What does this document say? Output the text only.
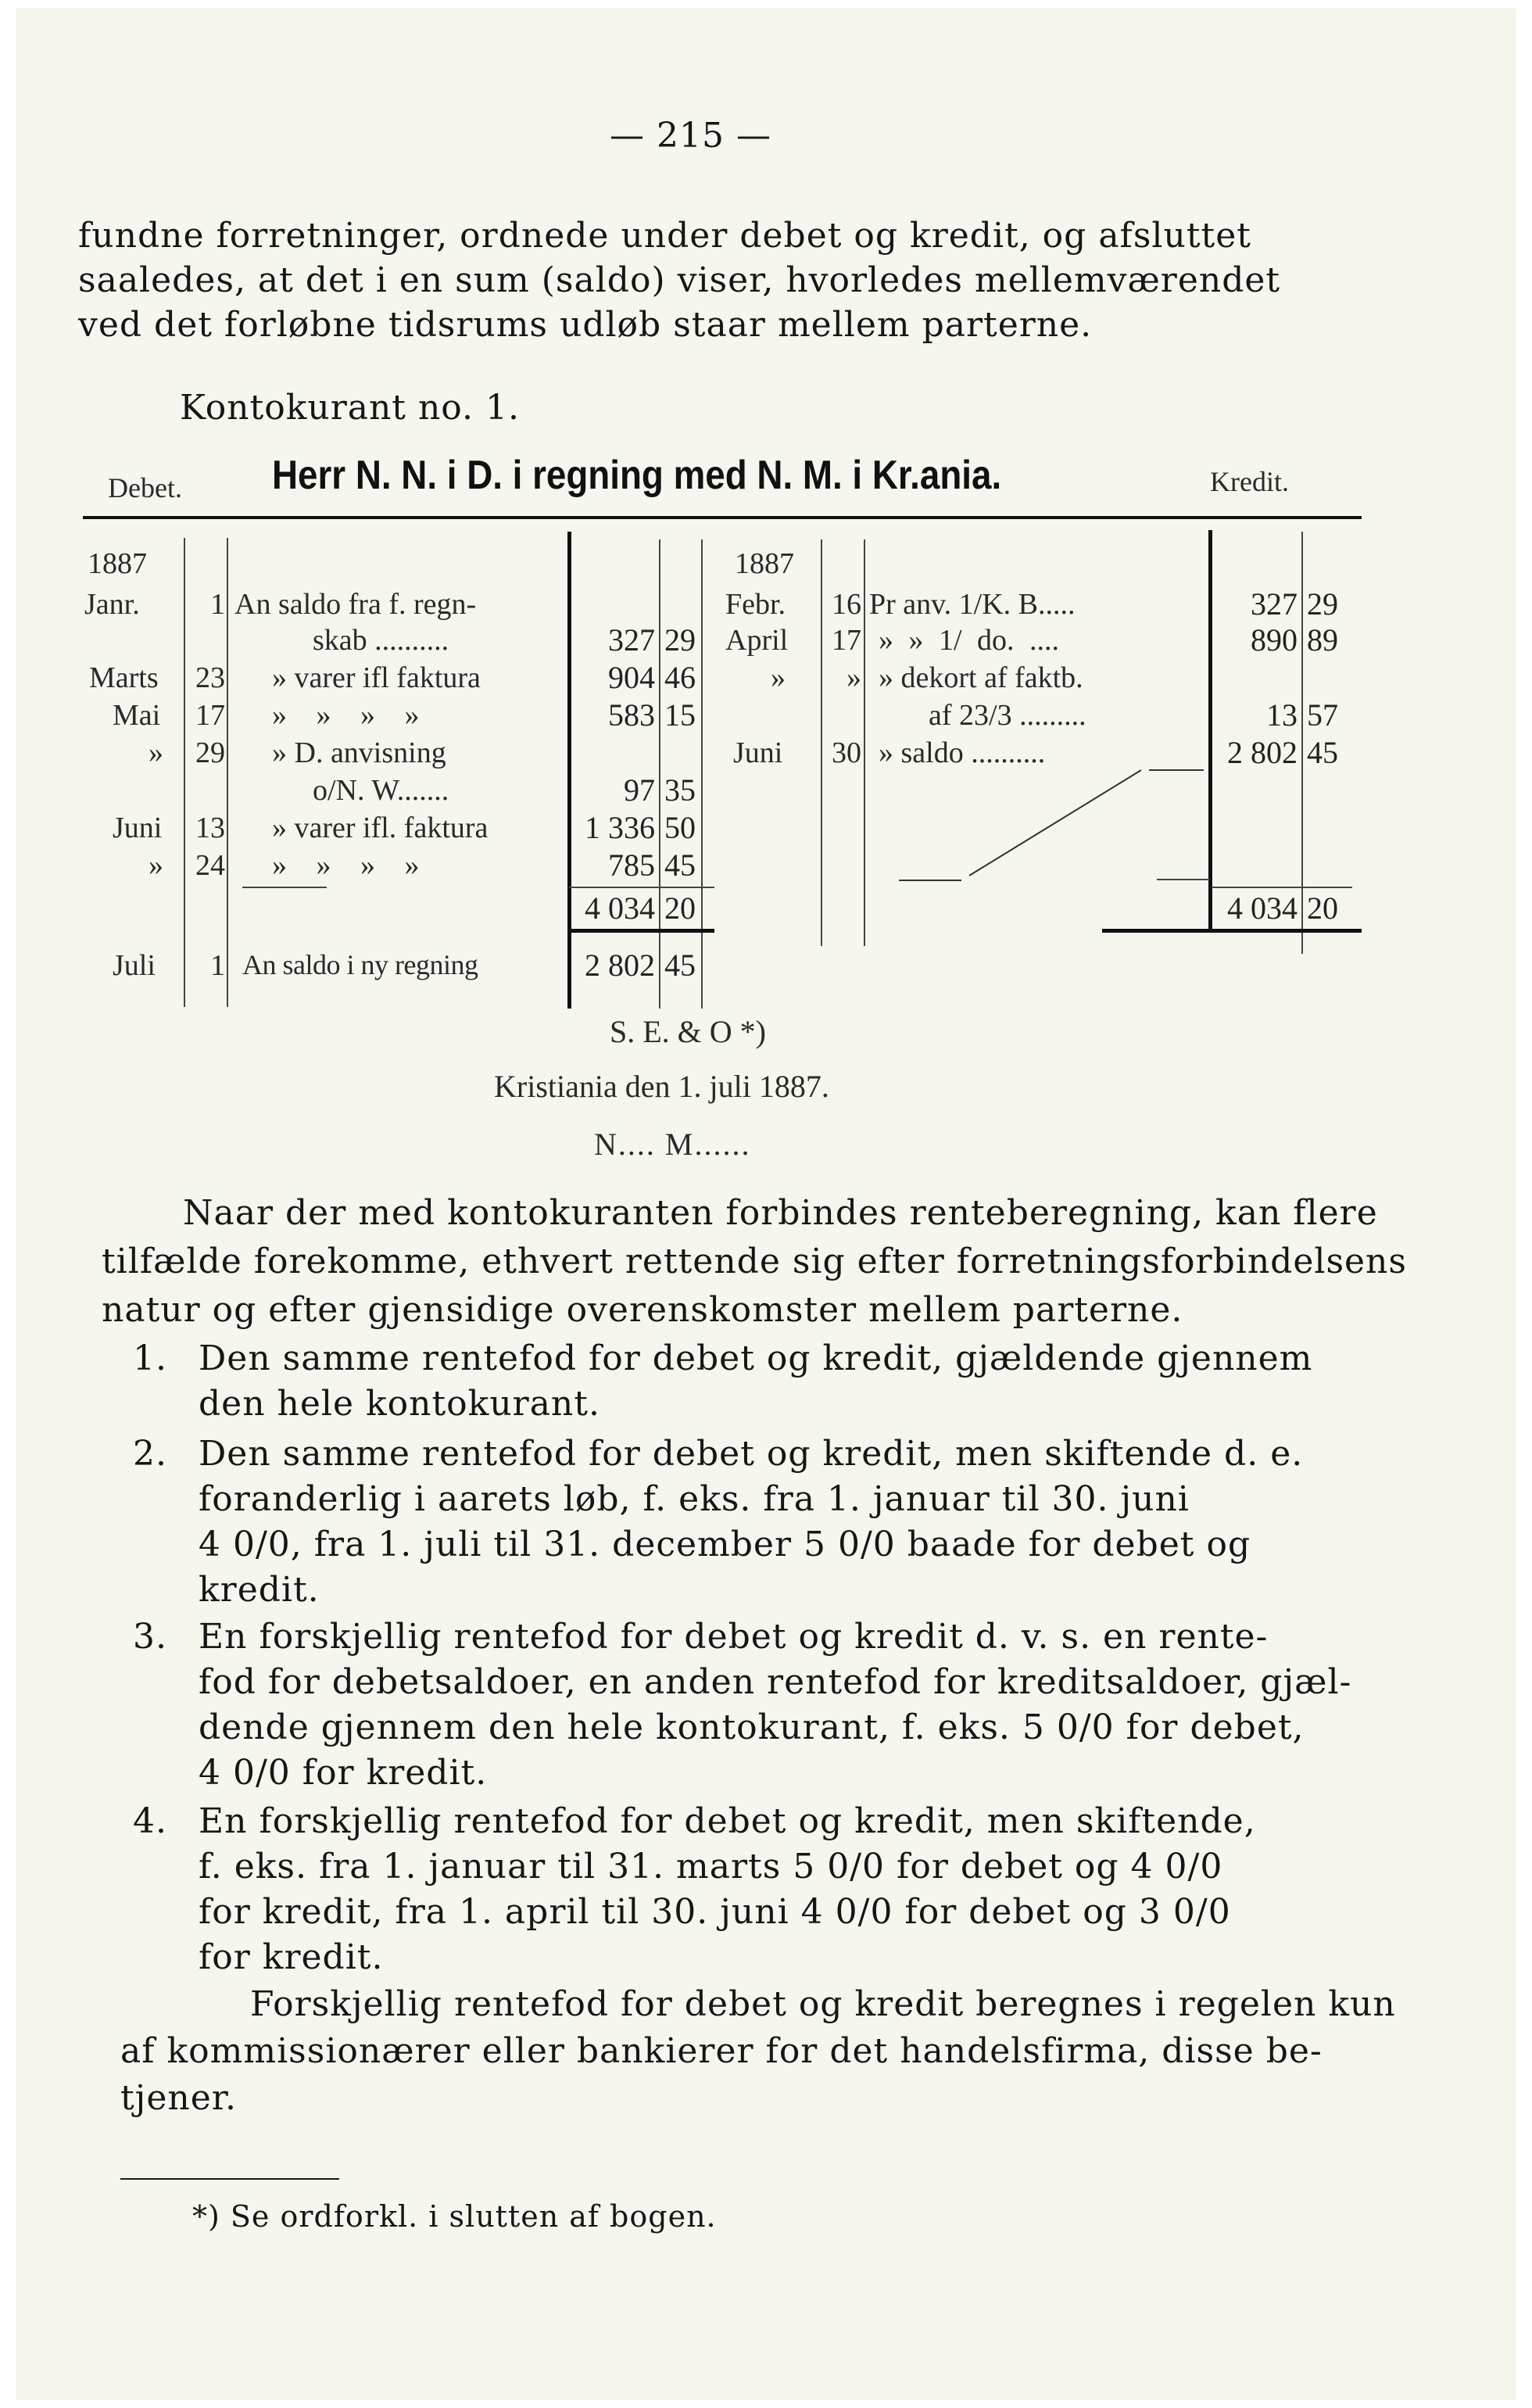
— 215 —
fundne forretninger, ordnede under debet og kredit, og afsluttet
saaledes, at det i en sum (saldo) viser, hvorledes mellemværendet
ved det forløbne tidsrums udløb staar mellem parterne.
Kontokurant no. 1.
Debet. Herr N. N. i D. i regning med N. M. i Kr.ania.	Kredit.
1887
Janr.	1 An saldo fra f. regn-
skab ..........	327 29
Marts	23 » varer ifl faktura	904 46
Mai	17 » » » »	583 15
»	29 » D. anvisning
o/N. W.......	97 35
Juni	13 » varer ifl. faktura	1 336 50
»	24 » » » »	785 45
4 034 20
Juli	1 An saldo i ny regning	2 802 45
1887
Febr.	16 Pr anv. 1/K. B.....	327 29
April	17 » » 1/ do. ....	890 89
»	» » dekort af faktb.
af 23/3 .........	13 57
Juni	30 » saldo ..........	2 802 45
4 034 20
S. E. & O *)
Kristiania den 1. juli 1887.
N.... M......
Naar der med kontokuranten forbindes renteberegning, kan flere
tilfælde forekomme, ethvert rettende sig efter forretningsforbindelsens
natur og efter gjensidige overenskomster mellem parterne.
1. Den samme rentefod for debet og kredit, gjældende gjennem
den hele kontokurant.
2. Den samme rentefod for debet og kredit, men skiftende d. e.
foranderlig i aarets løb, f. eks. fra 1. januar til 30. juni
4 0/0, fra 1. juli til 31. december 5 0/0 baade for debet og
kredit.
3. En forskjellig rentefod for debet og kredit d. v. s. en rente-
fod for debetsaldoer, en anden rentefod for kreditsaldoer, gjæl-
dende gjennem den hele kontokurant, f. eks. 5 0/0 for debet,
4 0/0 for kredit.
4. En forskjellig rentefod for debet og kredit, men skiftende,
f. eks. fra 1. januar til 31. marts 5 0/0 for debet og 4 0/0
for kredit, fra 1. april til 30. juni 4 0/0 for debet og 3 0/0
for kredit.
Forskjellig rentefod for debet og kredit beregnes i regelen kun
af kommissionærer eller bankierer for det handelsfirma, disse be-
tjener.
*) Se ordforkl. i slutten af bogen.
